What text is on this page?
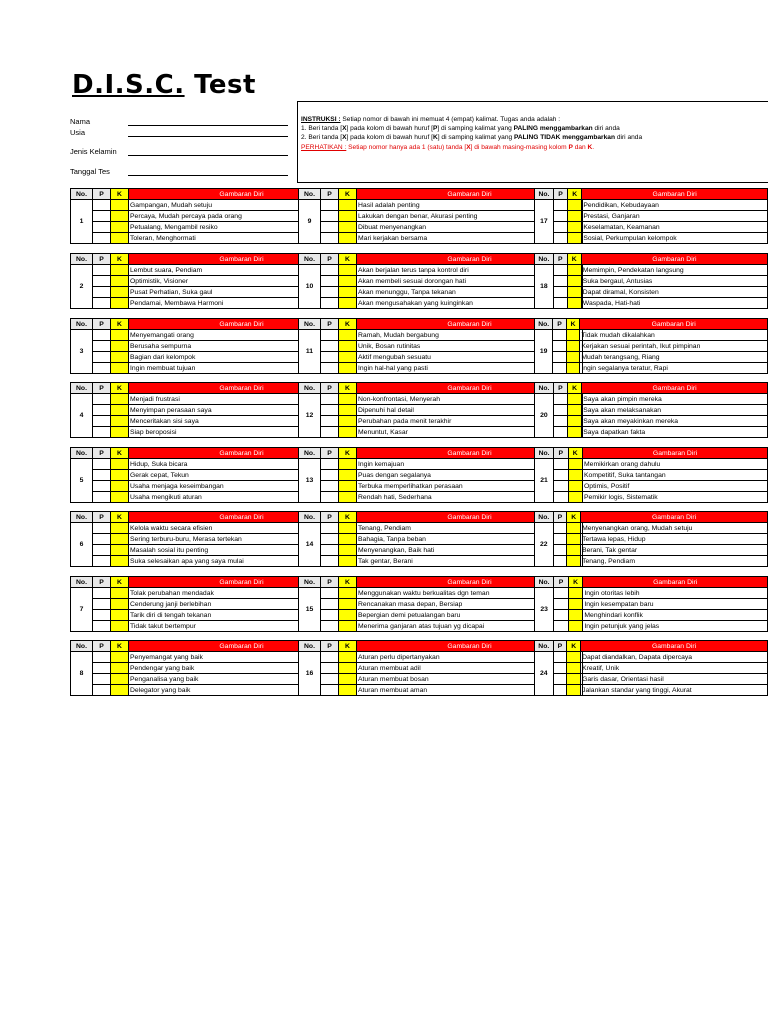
D.I.S.C. Test
Nama
Usia
Jenis Kelamin
Tanggal Tes
INSTRUKSI : Setiap nomor di bawah ini memuat 4 (empat) kalimat. Tugas anda adalah :
1. Beri tanda [X] pada kolom di bawah huruf [P] di samping kalimat yang PALING menggambarkan diri anda
2. Beri tanda [X] pada kolom di bawah huruf [K] di samping kalimat yang PALING TIDAK menggambarkan diri anda
PERHATIKAN : Setiap nomor hanya ada 1 (satu) tanda [X] di bawah masing-masing kolom P dan K.
No.	P	K	Gambaran Diri
1			Gampangan, Mudah setuju
			Percaya, Mudah percaya pada orang
			Petualang, Mengambil resiko
			Toleran, Menghormati
No.	P	K	Gambaran Diri
2			Lembut suara, Pendiam
			Optimistik, Visioner
			Pusat Perhatian, Suka gaul
			Pendamai, Membawa Harmoni
No.	P	K	Gambaran Diri
3			Menyemangati orang
			Berusaha sempurna
			Bagian dari kelompok
			Ingin membuat tujuan
No.	P	K	Gambaran Diri
4			Menjadi frustrasi
			Menyimpan perasaan saya
			Menceritakan sisi saya
			Siap beroposisi
No.	P	K	Gambaran Diri
5			Hidup, Suka bicara
			Gerak cepat, Tekun
			Usaha menjaga keseimbangan
			Usaha mengikuti aturan
No.	P	K	Gambaran Diri
6			Kelola waktu secara efisien
			Sering terburu-buru, Merasa tertekan
			Masalah sosial itu penting
			Suka selesaikan apa yang saya mulai
No.	P	K	Gambaran Diri
7			Tolak perubahan mendadak
			Cenderung janji berlebihan
			Tarik diri di tengah tekanan
			Tidak takut bertempur
No.	P	K	Gambaran Diri
8			Penyemangat yang baik
			Pendengar yang baik
			Penganalisa yang baik
			Delegator yang baik
No.	P	K	Gambaran Diri
9			Hasil adalah penting
			Lakukan dengan benar, Akurasi penting
			Dibuat menyenangkan
			Mari kerjakan bersama
No.	P	K	Gambaran Diri
10			Akan berjalan terus tanpa kontrol diri
			Akan membeli sesuai dorongan hati
			Akan menunggu, Tanpa tekanan
			Akan mengusahakan yang kuinginkan
No.	P	K	Gambaran Diri
11			Ramah, Mudah bergabung
			Unik, Bosan rutinitas
			Aktif mengubah sesuatu
			Ingin hal-hal yang pasti
No.	P	K	Gambaran Diri
12			Non-konfrontasi, Menyerah
			Dipenuhi hal detail
			Perubahan pada menit terakhir
			Menuntut, Kasar
No.	P	K	Gambaran Diri
13			Ingin kemajuan
			Puas dengan segalanya
			Terbuka memperlihatkan perasaan
			Rendah hati, Sederhana
No.	P	K	Gambaran Diri
14			Tenang, Pendiam
			Bahagia, Tanpa beban
			Menyenangkan, Baik hati
			Tak gentar, Berani
No.	P	K	Gambaran Diri
15			Menggunakan waktu berkualitas dgn teman
			Rencanakan masa depan, Bersiap
			Bepergian demi petualangan baru
			Menerima ganjaran atas tujuan yg dicapai
No.	P	K	Gambaran Diri
16			Aturan perlu dipertanyakan
			Aturan membuat adil
			Aturan membuat bosan
			Aturan membuat aman
No.	P	K	Gambaran Diri
17			Pendidikan, Kebudayaan
			Prestasi, Ganjaran
			Keselamatan, Keamanan
			Sosial, Perkumpulan kelompok
No.	P	K	Gambaran Diri
18			Memimpin, Pendekatan langsung
			Suka bergaul, Antusias
			Dapat diramal, Konsisten
			Waspada, Hati-hati
No.	P	K	Gambaran Diri
19			Tidak mudah dikalahkan
			Kerjakan sesuai perintah, Ikut pimpinan
			Mudah terangsang, Riang
			Ingin segalanya teratur, Rapi
No.	P	K	Gambaran Diri
20			Saya akan pimpin mereka
			Saya akan melaksanakan
			Saya akan meyakinkan mereka
			Saya dapatkan fakta
No.	P	K	Gambaran Diri
21			Memikirkan orang dahulu
			Kompetitif, Suka tantangan
			Optimis, Positif
			Pemikir logis, Sistematik
No.	P	K	Gambaran Diri
22			Menyenangkan orang, Mudah setuju
			Tertawa lepas, Hidup
			Berani, Tak gentar
			Tenang, Pendiam
No.	P	K	Gambaran Diri
23			Ingin otoritas lebih
			Ingin kesempatan baru
			Menghindari konflik
			Ingin petunjuk yang jelas
No.	P	K	Gambaran Diri
24			Dapat diandalkan, Dapata dipercaya
			Kreatif, Unik
			Garis dasar, Orientasi hasil
			Jalankan standar yang tinggi, Akurat
